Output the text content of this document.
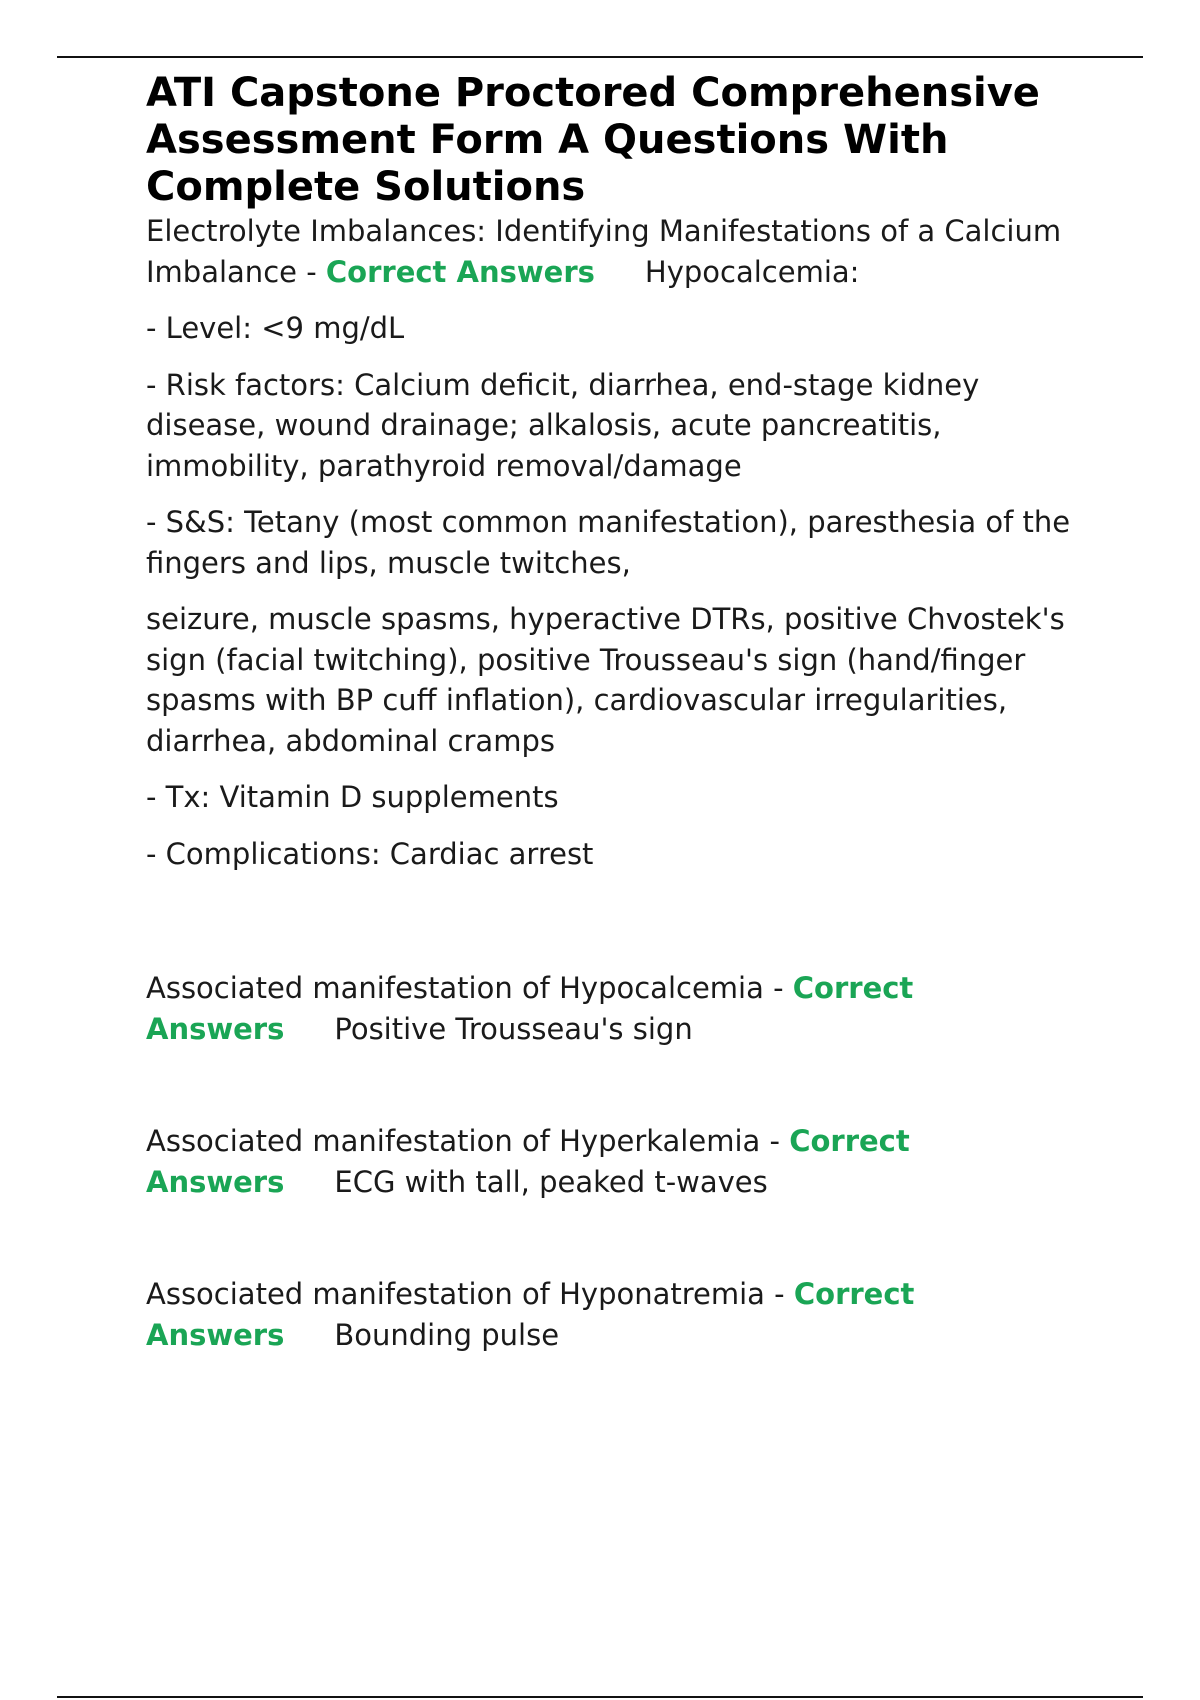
ATI Capstone Proctored Comprehensive Assessment Form A Questions With Complete Solutions

Electrolyte Imbalances: Identifying Manifestations of a Calcium Imbalance - Correct Answers Hypocalcemia:

- Level: <9 mg/dL

- Risk factors: Calcium deficit, diarrhea, end-stage kidney disease, wound drainage; alkalosis, acute pancreatitis, immobility, parathyroid removal/damage

- S&S: Tetany (most common manifestation), paresthesia of the fingers and lips, muscle twitches,

seizure, muscle spasms, hyperactive DTRs, positive Chvostek's sign (facial twitching), positive Trousseau's sign (hand/finger spasms with BP cuff inflation), cardiovascular irregularities, diarrhea, abdominal cramps

- Tx: Vitamin D supplements

- Complications: Cardiac arrest

Associated manifestation of Hypocalcemia - Correct Answers Positive Trousseau's sign

Associated manifestation of Hyperkalemia - Correct Answers ECG with tall, peaked t-waves

Associated manifestation of Hyponatremia - Correct Answers Bounding pulse
